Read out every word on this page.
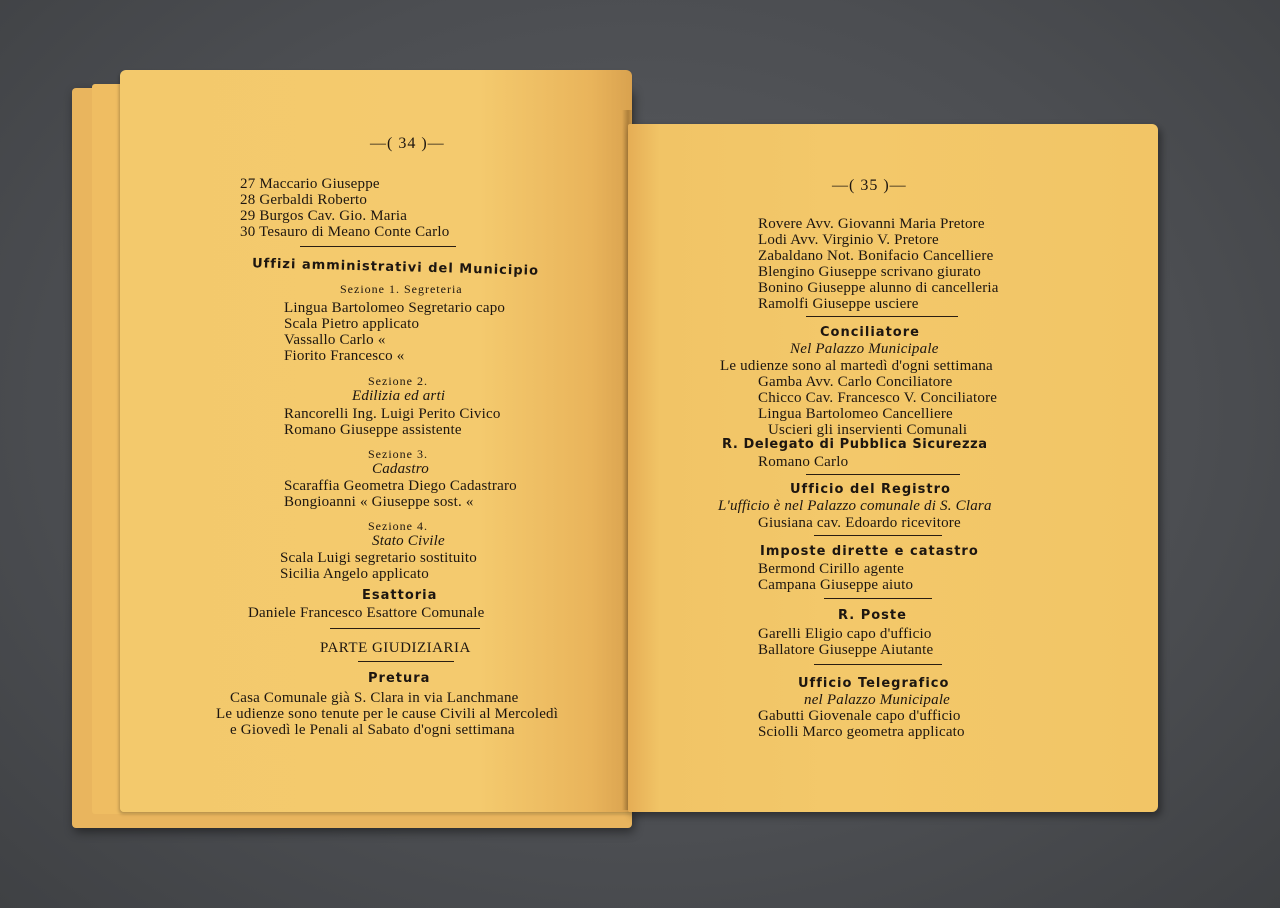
—( 34 )—
27 Maccario Giuseppe
28 Gerbaldi Roberto
29 Burgos Cav. Gio. Maria
30 Tesauro di Meano Conte Carlo
Uffizi amministrativi del Municipio
Sezione 1. Segreteria
Lingua Bartolomeo Segretario capo
Scala Pietro applicato
Vassallo Carlo «
Fiorito Francesco «
Sezione 2.
Edilizia ed arti
Rancorelli Ing. Luigi Perito Civico
Romano Giuseppe assistente
Sezione 3.
Cadastro
Scaraffia Geometra Diego Cadastraro
Bongioanni « Giuseppe sost. «
Sezione 4.
Stato Civile
Scala Luigi segretario sostituito
Sicilia Angelo applicato
Esattoria
Daniele Francesco Esattore Comunale
PARTE GIUDIZIARIA
Pretura
Casa Comunale già S. Clara in via Lanchmane
Le udienze sono tenute per le cause Civili al Mercoledì
e Giovedì le Penali al Sabato d'ogni settimana
—( 35 )—
Rovere Avv. Giovanni Maria Pretore
Lodi Avv. Virginio V. Pretore
Zabaldano Not. Bonifacio Cancelliere
Blengino Giuseppe scrivano giurato
Bonino Giuseppe alunno di cancelleria
Ramolfi Giuseppe usciere
Conciliatore
Nel Palazzo Municipale
Le udienze sono al martedì d'ogni settimana
Gamba Avv. Carlo Conciliatore
Chicco Cav. Francesco V. Conciliatore
Lingua Bartolomeo Cancelliere
Uscieri gli inservienti Comunali
R. Delegato di Pubblica Sicurezza
Romano Carlo
Ufficio del Registro
L'ufficio è nel Palazzo comunale di S. Clara
Giusiana cav. Edoardo ricevitore
Imposte dirette e catastro
Bermond Cirillo agente
Campana Giuseppe aiuto
R. Poste
Garelli Eligio capo d'ufficio
Ballatore Giuseppe Aiutante
Ufficio Telegrafico
nel Palazzo Municipale
Gabutti Giovenale capo d'ufficio
Sciolli Marco geometra applicato
